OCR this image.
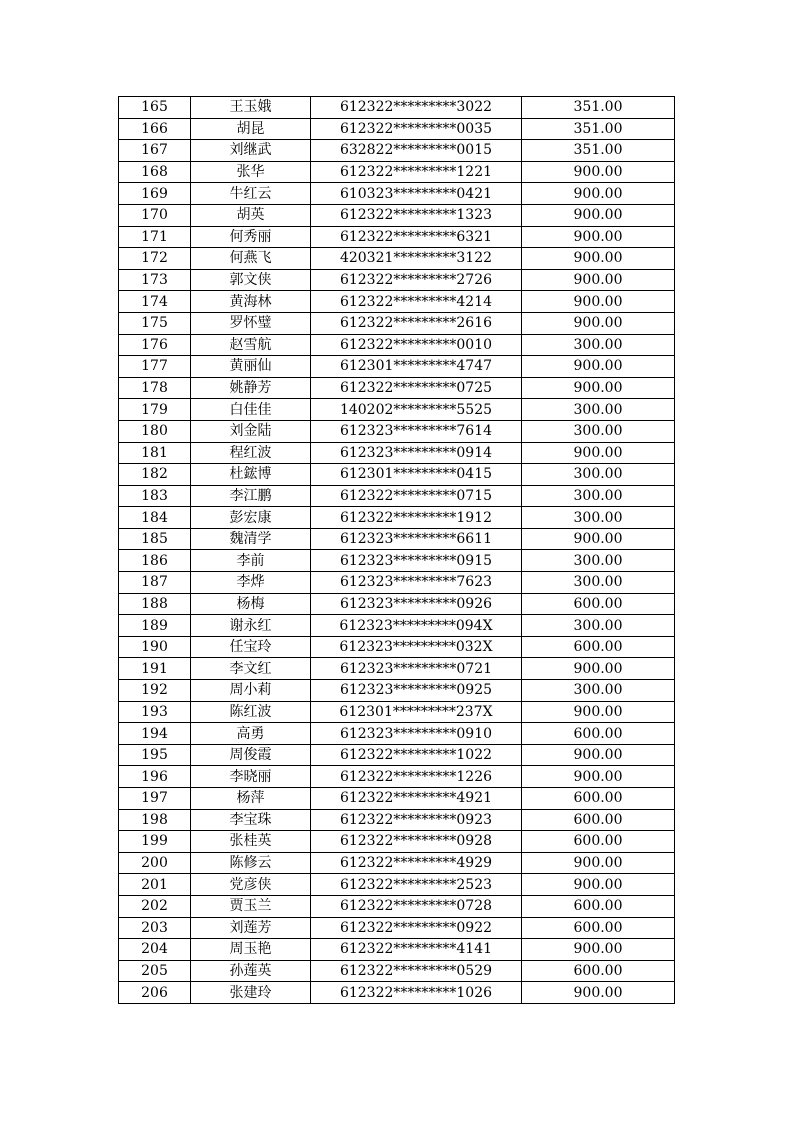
165	王玉娥	612322*********3022	351.00
166	胡昆	612322*********0035	351.00
167	刘继武	632822*********0015	351.00
168	张华	612322*********1221	900.00
169	牛红云	610323*********0421	900.00
170	胡英	612322*********1323	900.00
171	何秀丽	612322*********6321	900.00
172	何燕飞	420321*********3122	900.00
173	郭文侠	612322*********2726	900.00
174	黄海林	612322*********4214	900.00
175	罗怀璧	612322*********2616	900.00
176	赵雪航	612322*********0010	300.00
177	黄丽仙	612301*********4747	900.00
178	姚静芳	612322*********0725	900.00
179	白佳佳	140202*********5525	300.00
180	刘金陆	612323*********7614	300.00
181	程红波	612323*********0914	900.00
182	杜鋐博	612301*********0415	300.00
183	李江鹏	612322*********0715	300.00
184	彭宏康	612322*********1912	300.00
185	魏清学	612323*********6611	900.00
186	李前	612323*********0915	300.00
187	李烨	612323*********7623	300.00
188	杨梅	612323*********0926	600.00
189	谢永红	612323*********094X	300.00
190	任宝玲	612323*********032X	600.00
191	李文红	612323*********0721	900.00
192	周小莉	612323*********0925	300.00
193	陈红波	612301*********237X	900.00
194	高勇	612323*********0910	600.00
195	周俊霞	612322*********1022	900.00
196	李晓丽	612322*********1226	900.00
197	杨萍	612322*********4921	600.00
198	李宝珠	612322*********0923	600.00
199	张桂英	612322*********0928	600.00
200	陈修云	612322*********4929	900.00
201	党彦侠	612322*********2523	900.00
202	贾玉兰	612322*********0728	600.00
203	刘莲芳	612322*********0922	600.00
204	周玉艳	612322*********4141	900.00
205	孙莲英	612322*********0529	600.00
206	张建玲	612322*********1026	900.00
